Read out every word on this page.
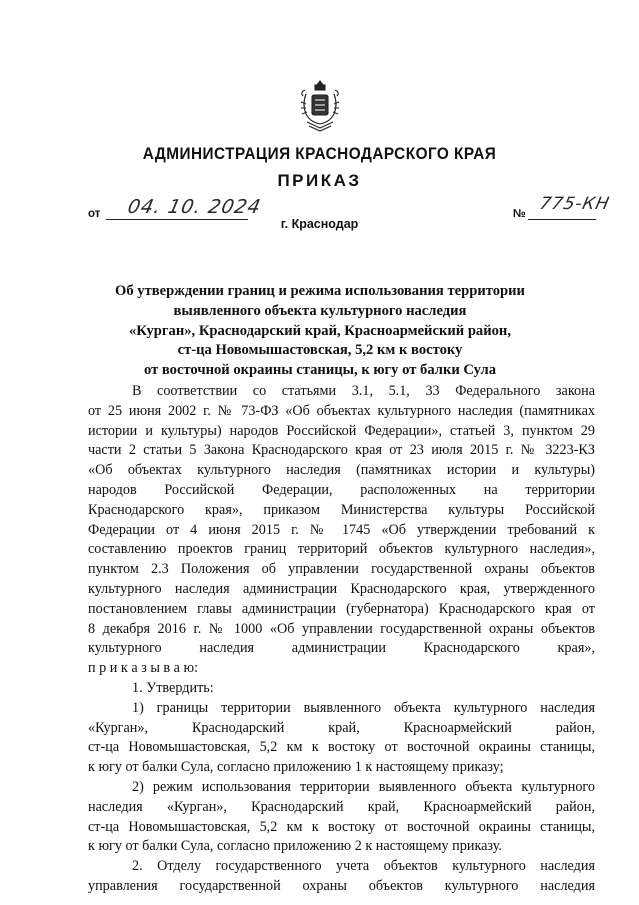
АДМИНИСТРАЦИЯ КРАСНОДАРСКОГО КРАЯ
ПРИКАЗ
от 04. 10. 2024	№ 775-КН
г. Краснодар
Об утверждении границ и режима использования территории
выявленного объекта культурного наследия
«Курган», Краснодарский край, Красноармейский район,
ст-ца Новомышастовская, 5,2 км к востоку
от восточной окраины станицы, к югу от балки Сула
В соответствии со статьями 3.1, 5.1, 33 Федерального закона
от 25 июня 2002 г. № 73-ФЗ «Об объектах культурного наследия (памятниках
истории и культуры) народов Российской Федерации», статьей 3, пунктом 29
части 2 статьи 5 Закона Краснодарского края от 23 июля 2015 г. № 3223-КЗ
«Об объектах культурного наследия (памятниках истории и культуры)
народов Российской Федерации, расположенных на территории
Краснодарского края», приказом Министерства культуры Российской
Федерации от 4 июня 2015 г. № 1745 «Об утверждении требований к
составлению проектов границ территорий объектов культурного наследия»,
пунктом 2.3 Положения об управлении государственной охраны объектов
культурного наследия администрации Краснодарского края, утвержденного
постановлением главы администрации (губернатора) Краснодарского края от
8 декабря 2016 г. № 1000 «Об управлении государственной охраны объектов
культурного наследия администрации Краснодарского края»,
п р и к а з ы в а ю:
1. Утвердить:
1) границы территории выявленного объекта культурного наследия
«Курган», Краснодарский край, Красноармейский район,
ст-ца Новомышастовская, 5,2 км к востоку от восточной окраины станицы,
к югу от балки Сула, согласно приложению 1 к настоящему приказу;
2) режим использования территории выявленного объекта культурного
наследия «Курган», Краснодарский край, Красноармейский район,
ст-ца Новомышастовская, 5,2 км к востоку от восточной окраины станицы,
к югу от балки Сула, согласно приложению 2 к настоящему приказу.
2. Отделу государственного учета объектов культурного наследия
управления государственной охраны объектов культурного наследия
